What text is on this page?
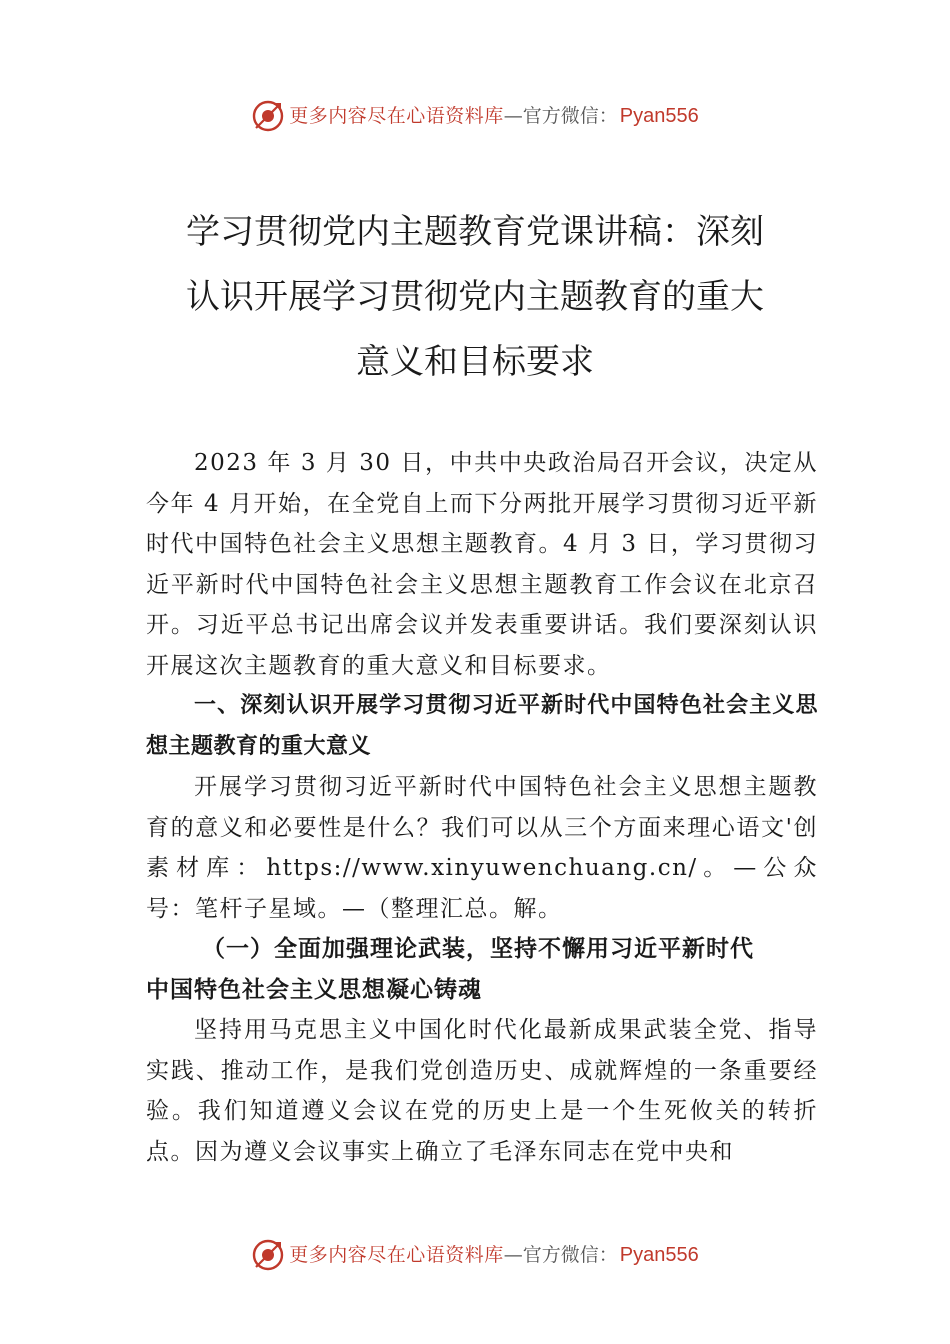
更多内容尽在心语资料库 —官方微信： Pyan556
学习贯彻党内主题教育党课讲稿：深刻
认识开展学习贯彻党内主题教育的重大
意义和目标要求

2023 年 3 月 30 日，中共中央政治局召开会议，决定从今年 4 月开始，在全党自上而下分两批开展学习贯彻习近平新时代中国特色社会主义思想主题教育。4 月 3 日，学习贯彻习近平新时代中国特色社会主义思想主题教育工作会议在北京召开。习近平总书记出席会议并发表重要讲话。我们要深刻认识开展这次主题教育的重大意义和目标要求。

一、深刻认识开展学习贯彻习近平新时代中国特色社会主义思想主题教育的重大意义

开展学习贯彻习近平新时代中国特色社会主义思想主题教育的意义和必要性是什么？我们可以从三个方面来理心语文'创素材库：https://www.xinyuwenchuang.cn/。—公众号：笔杆子星域。—（整理汇总。解。

（一）全面加强理论武装，坚持不懈用习近平新时代
中国特色社会主义思想凝心铸魂

坚持用马克思主义中国化时代化最新成果武装全党、指导实践、推动工作，是我们党创造历史、成就辉煌的一条重要经验。我们知道遵义会议在党的历史上是一个生死攸关的转折点。因为遵义会议事实上确立了毛泽东同志在党中央和

更多内容尽在心语资料库 —官方微信： Pyan556
